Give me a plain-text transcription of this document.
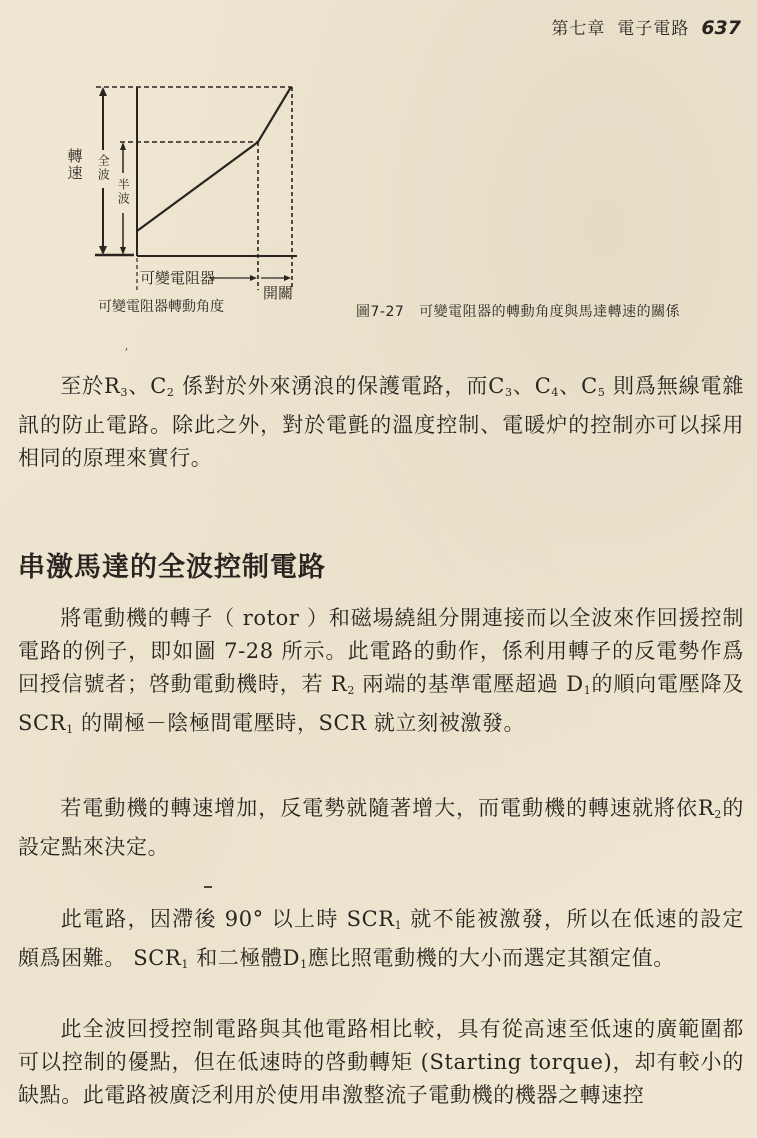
第七章 電子電路 637
轉速 全波
半波
可變電阻器
開關
可變電阻器轉動角度	圖7-27 可變電阻器的轉動角度與馬達轉速的關係
ʼ
至於$R_3$、$C_2$ 係對於外來湧浪的保護電路，而$C_3$、$C_4$、$C_5$ 則爲無線電雜訊的防止電路。除此之外，對於電氈的溫度控制、電暖炉的控制亦可以採用相同的原理來實行。
串激馬達的全波控制電路
將電動機的轉子（ rotor ）和磁場繞組分開連接而以全波來作回援控制電路的例子，即如圖 7-28 所示。此電路的動作，係利用轉子的反電勢作爲回授信號者；啓動電動機時，若 $R_2$ 兩端的基準電壓超過 $D_1$的順向電壓降及 $SCR_1$ 的閘極－陰極間電壓時，SCR 就立刻被激發。
若電動機的轉速增加，反電勢就隨著增大，而電動機的轉速就將依$R_2$的設定點來決定。
此電路，因滯後 90° 以上時 $SCR_1$ 就不能被激發，所以在低速的設定頗爲困難。 $SCR_1$ 和二極體$D_1$應比照電動機的大小而選定其額定值。
此全波回授控制電路與其他電路相比較，具有從高速至低速的廣範圍都可以控制的優點，但在低速時的啓動轉矩 (Starting torque)，却有較小的缺點。此電路被廣泛利用於使用串激整流子電動機的機器之轉速控
